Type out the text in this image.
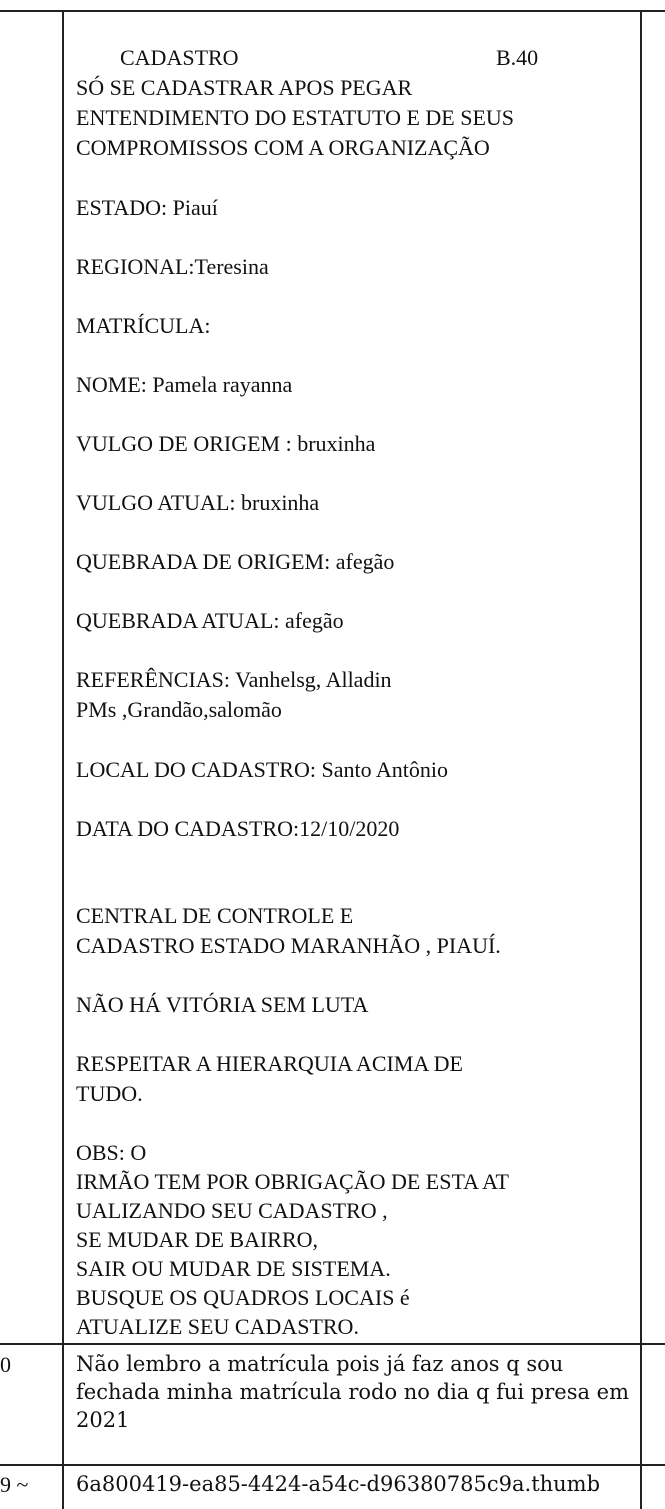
CADASTRO	B.40
SÓ SE CADASTRAR APOS PEGAR
ENTENDIMENTO DO ESTATUTO E DE SEUS
COMPROMISSOS COM A ORGANIZAÇÃO
ESTADO: Piauí
REGIONAL:Teresina
MATRÍCULA:
NOME: Pamela rayanna
VULGO DE ORIGEM : bruxinha
VULGO ATUAL: bruxinha
QUEBRADA DE ORIGEM: afegão
QUEBRADA ATUAL: afegão
REFERÊNCIAS: Vanhelsg, Alladin
PMs ,Grandão,salomão
LOCAL DO CADASTRO: Santo Antônio
DATA DO CADASTRO:12/10/2020
CENTRAL DE CONTROLE E
CADASTRO ESTADO MARANHÃO , PIAUÍ.
NÃO HÁ VITÓRIA SEM LUTA
RESPEITAR A HIERARQUIA ACIMA DE
TUDO.
OBS: O
IRMÃO TEM POR OBRIGAÇÃO DE ESTA AT
UALIZANDO SEU CADASTRO ,
SE MUDAR DE BAIRRO,
SAIR OU MUDAR DE SISTEMA.
BUSQUE OS QUADROS LOCAIS é
ATUALIZE SEU CADASTRO.
0	Não lembro a matrícula pois já faz anos q sou
fechada minha matrícula rodo no dia q fui presa em
2021
9 ~ 6a800419-ea85-4424-a54c-d96380785c9a.thumb
